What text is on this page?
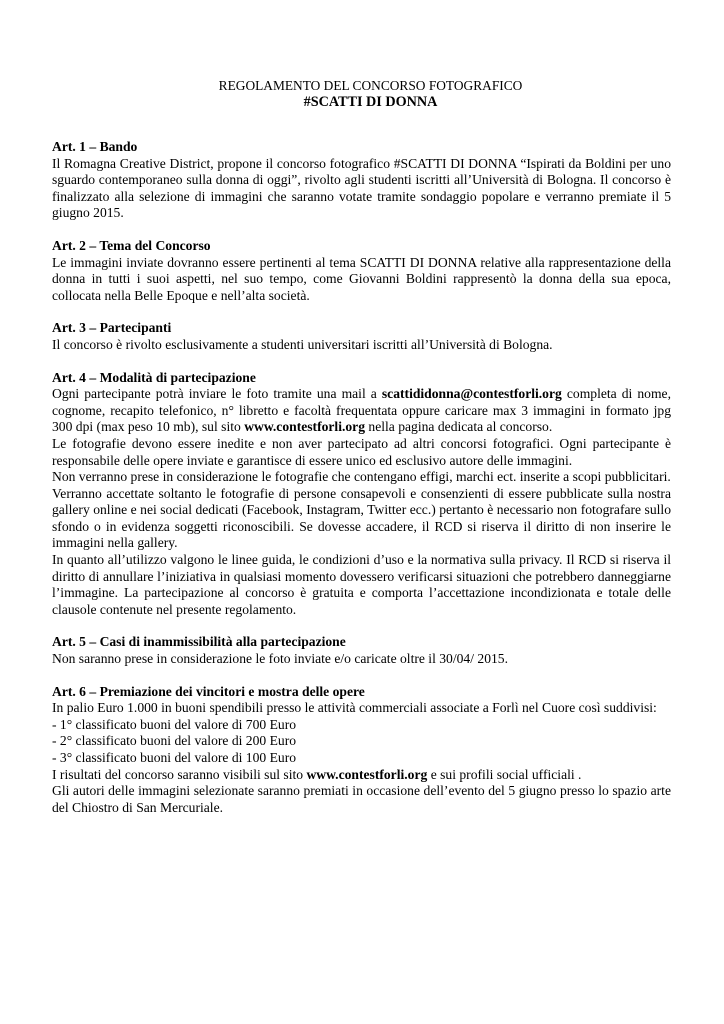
REGOLAMENTO DEL CONCORSO FOTOGRAFICO
#SCATTI DI DONNA
Art. 1 – Bando

Il Romagna Creative District, propone il concorso fotografico #SCATTI DI DONNA “Ispirati da Boldini per uno sguardo contemporaneo sulla donna di oggi”, rivolto agli studenti iscritti all’Università di Bologna. Il concorso è finalizzato alla selezione di immagini che saranno votate tramite sondaggio popolare e verranno premiate il 5 giugno 2015.

Art. 2 – Tema del Concorso

Le immagini inviate dovranno essere pertinenti al tema SCATTI DI DONNA relative alla rappresentazione della donna in tutti i suoi aspetti, nel suo tempo, come Giovanni Boldini rappresentò la donna della sua epoca, collocata nella Belle Epoque e nell’alta società.

Art. 3 – Partecipanti

Il concorso è rivolto esclusivamente a studenti universitari iscritti all’Università di Bologna.

Art. 4 – Modalità di partecipazione

Ogni partecipante potrà inviare le foto tramite una mail a scattididonna@contestforli.org completa di nome, cognome, recapito telefonico, n° libretto e facoltà frequentata oppure caricare max 3 immagini in formato jpg 300 dpi (max peso 10 mb), sul sito www.contestforli.org nella pagina dedicata al concorso.

Le fotografie devono essere inedite e non aver partecipato ad altri concorsi fotografici. Ogni partecipante è responsabile delle opere inviate e garantisce di essere unico ed esclusivo autore delle immagini.

Non verranno prese in considerazione le fotografie che contengano effigi, marchi ect. inserite a scopi pubblicitari.

Verranno accettate soltanto le fotografie di persone consapevoli e consenzienti di essere pubblicate sulla nostra gallery online e nei social dedicati (Facebook, Instagram, Twitter ecc.) pertanto è necessario non fotografare sullo sfondo o in evidenza soggetti riconoscibili. Se dovesse accadere, il RCD si riserva il diritto di non inserire le immagini nella gallery.

In quanto all’utilizzo valgono le linee guida, le condizioni d’uso e la normativa sulla privacy. Il RCD si riserva il diritto di annullare l’iniziativa in qualsiasi momento dovessero verificarsi situazioni che potrebbero danneggiarne l’immagine. La partecipazione al concorso è gratuita e comporta l’accettazione incondizionata e totale delle clausole contenute nel presente regolamento.

Art. 5 – Casi di inammissibilità alla partecipazione

Non saranno prese in considerazione le foto inviate e/o caricate oltre il 30/04/ 2015.

Art. 6 – Premiazione dei vincitori e mostra delle opere

In palio Euro 1.000 in buoni spendibili presso le attività commerciali associate a Forlì nel Cuore così suddivisi:

- 1° classificato buoni del valore di 700 Euro
- 2° classificato buoni del valore di 200 Euro
- 3° classificato buoni del valore di 100 Euro

I risultati del concorso saranno visibili sul sito www.contestforli.org e sui profili social ufficiali .

Gli autori delle immagini selezionate saranno premiati in occasione dell’evento del 5 giugno presso lo spazio arte del Chiostro di San Mercuriale.
